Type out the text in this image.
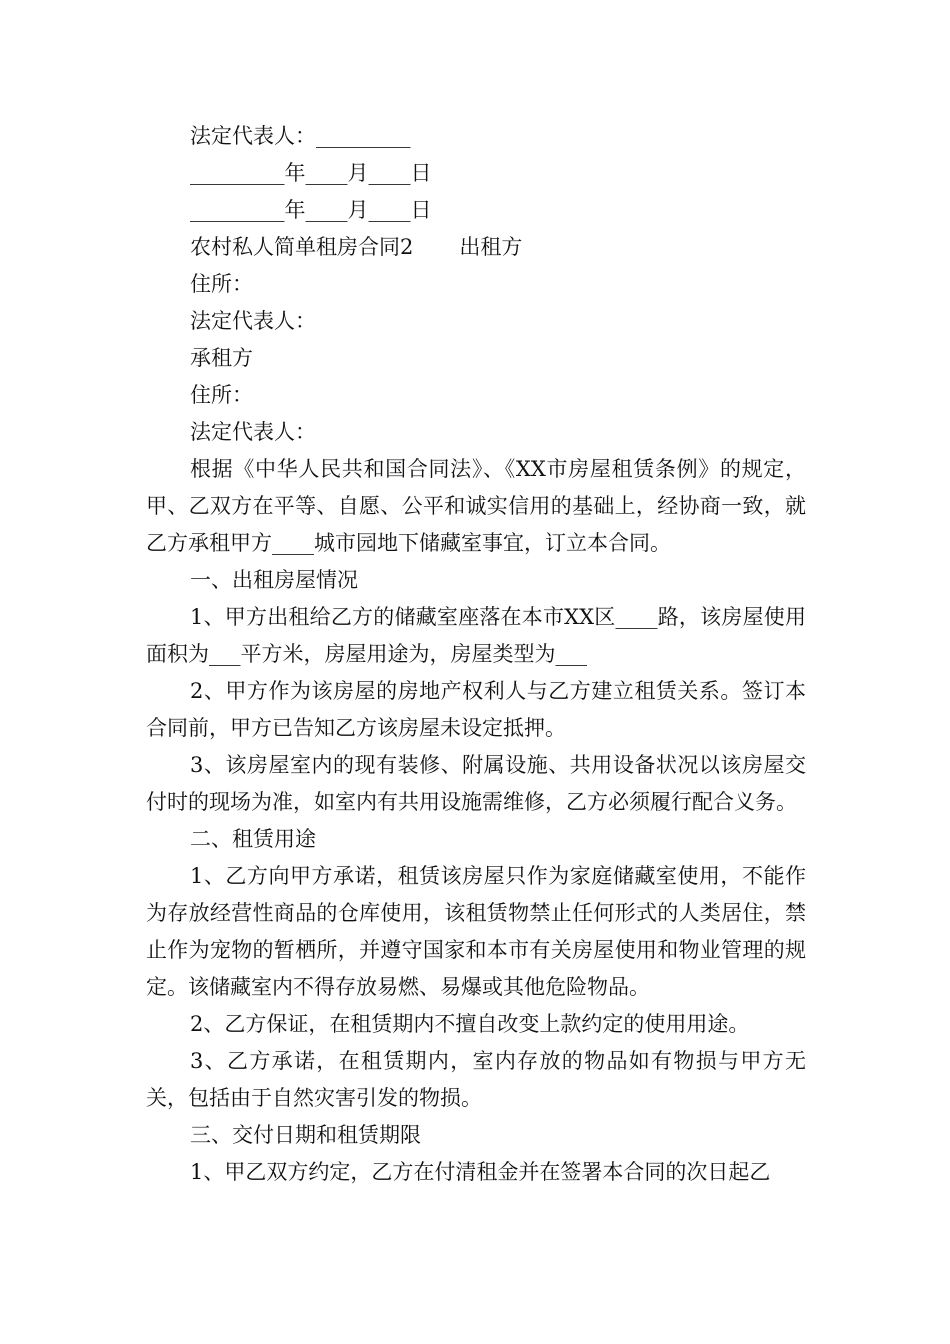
法定代表人：_________
_________年____月____日
_________年____月____日
农村私人简单租房合同2 出租方
住所：
法定代表人：
承租方
住所：
法定代表人：

根据《中华人民共和国合同法》、《XX市房屋租赁条例》的规定，甲、乙双方在平等、自愿、公平和诚实信用的基础上，经协商一致，就乙方承租甲方____城市园地下储藏室事宜，订立本合同。

一、出租房屋情况

1、甲方出租给乙方的储藏室座落在本市XX区____路，该房屋使用面积为___平方米，房屋用途为，房屋类型为___

2、甲方作为该房屋的房地产权利人与乙方建立租赁关系。签订本合同前，甲方已告知乙方该房屋未设定抵押。

3、该房屋室内的现有装修、附属设施、共用设备状况以该房屋交付时的现场为准，如室内有共用设施需维修，乙方必须履行配合义务。

二、租赁用途

1、乙方向甲方承诺，租赁该房屋只作为家庭储藏室使用，不能作为存放经营性商品的仓库使用，该租赁物禁止任何形式的人类居住，禁止作为宠物的暂栖所，并遵守国家和本市有关房屋使用和物业管理的规定。该储藏室内不得存放易燃、易爆或其他危险物品。

2、乙方保证，在租赁期内不擅自改变上款约定的使用用途。

3、乙方承诺，在租赁期内，室内存放的物品如有物损与甲方无关，包括由于自然灾害引发的物损。

三、交付日期和租赁期限

1、甲乙双方约定，乙方在付清租金并在签署本合同的次日起乙
